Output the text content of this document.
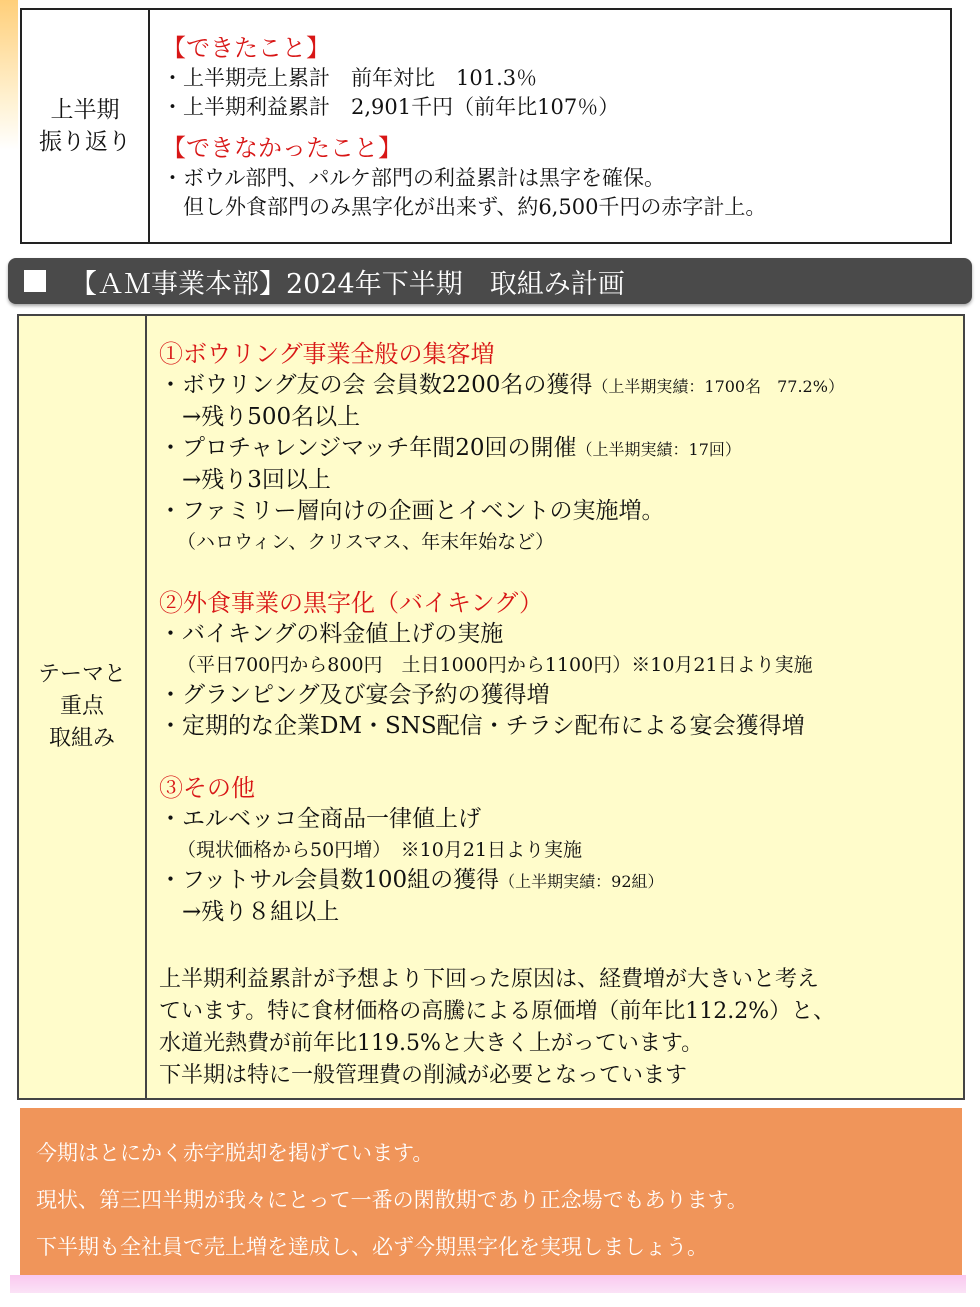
上半期
振り返り
【できたこと】
・上半期売上累計　前年対比　101.3％
・上半期利益累計　2,901千円（前年比107％）
【できなかったこと】
・ボウル部門、パルケ部門の利益累計は黒字を確保。
　但し外食部門のみ黒字化が出来ず、約6,500千円の赤字計上。
【ＡＭ事業本部】2024年下半期　取組み計画
テーマと
重点
取組み
①ボウリング事業全般の集客増
・ボウリング友の会 会員数2200名の獲得（上半期実績：1700名　77.2%）
　→残り500名以上
・プロチャレンジマッチ年間20回の開催（上半期実績：17回）
　→残り3回以上
・ファミリー層向けの企画とイベントの実施増。
（ハロウィン、クリスマス、年末年始など）
②外食事業の黒字化（バイキング）
・バイキングの料金値上げの実施
（平日700円から800円　土日1000円から1100円）※10月21日より実施
・グランピング及び宴会予約の獲得増
・定期的な企業DM・SNS配信・チラシ配布による宴会獲得増
③その他
・エルベッコ全商品一律値上げ
（現状価格から50円増）　※10月21日より実施
・フットサル会員数100組の獲得（上半期実績：92組）
　→残り８組以上
上半期利益累計が予想より下回った原因は、経費増が大きいと考え
ています。特に食材価格の高騰による原価増（前年比112.2%）と、
水道光熱費が前年比119.5%と大きく上がっています。
下半期は特に一般管理費の削減が必要となっています
今期はとにかく赤字脱却を掲げています。
現状、第三四半期が我々にとって一番の閑散期であり正念場でもあります。
下半期も全社員で売上増を達成し、必ず今期黒字化を実現しましょう。
